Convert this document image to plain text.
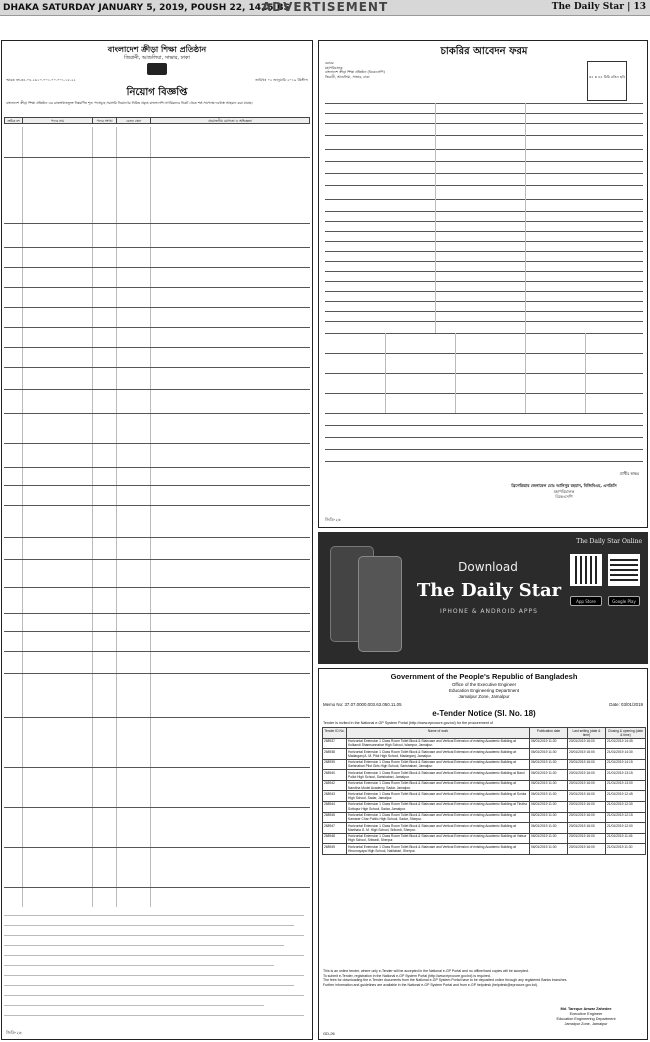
DHAKA SATURDAY JANUARY 5, 2019, POUSH 22, 1425 BS
ADVERTISEMENT	The Daily Star | 13
বাংলাদেশ ক্রীড়া শিক্ষা প্রতিষ্ঠান
জিরানী, আশুলিয়া, সাভার, ঢাকা
স্মারক নং-৩৪.০৪.২৬১০.০০১.০০.০০১.১৮-২২	তারিখঃ ০২ জানুয়ারি ২০১৯ খ্রিস্টাব্দ
নিয়োগ বিজ্ঞপ্তি
বাংলাদেশ ক্রীড়া শিক্ষা প্রতিষ্ঠান এর রাজস্বখাতভুক্ত নিম্নবর্ণিত শূন্য পদসমূহে সরাসরি নিয়োগের নিমিত্ত প্রকৃত বাংলাদেশি নাগরিকদের নিকট থেকে শর্ত সাপেক্ষে দরখাস্ত আহবান করা যাচ্ছে।
ক্রমিক নং	পদের নাম	পদের সংখ্যা	বেতন স্কেল	প্রয়োজনীয় যোগ্যতা ও অভিজ্ঞতা
জিডি-২৬
চাকরির আবেদন ফরম
বরাবর
মহাপরিচালক
বাংলাদেশ ক্রীড়া শিক্ষা প্রতিষ্ঠান (বিকেএসপি)
জিরানী, আশুলিয়া, সাভার, ঢাকা	৩৫ x ৪৫ মিমি রঙিন ছবি
প্রার্থীর স্বাক্ষর
ব্রিগেডিয়ার জেনারেল মোঃ আনিসুর রহমান, বিজিবিএম, এনডিসি
মহাপরিচালক
বিকেএসপি
জিডি-২৬
Download
The Daily Star
IPHONE & ANDROID APPS
The Daily Star Online
App Store	Google Play
Government of the People's Republic of Bangladesh
Office of the Executive Engineer
Education Engineering Department
Jamalpur Zone, Jamalpur
Memo No: 37.07.0000.003.63.050.11.05	Date: 03/01/2019
e-Tender Notice (Sl. No. 18)
Tender is invited in the National e-GP System Portal (http://www.eprocure.gov.bd) for the procurement of
Tender ID No.	Name of work	Publication date	Last selling (date & time)	Closing & opening (date & time)
268937	Horizontal Extension 1 Class Room Toilet Block & Staircase and Vertical Extension of existing Academic Building at Kulkandi Shamsunnahar High School, Islampur, Jamalpur.	06/01/2019 11:30	20/01/2019 16:00	21/01/2019 14:45
268938	Horizontal Extension 1 Class Room Toilet Block & Staircase and Vertical Extension of existing Academic Building at Madarganj A. M. Pilot High School, Madarganj, Jamalpur.	06/01/2019 11:30	20/01/2019 16:00	21/01/2019 14:30
268939	Horizontal Extension 1 Class Room Toilet Block & Staircase and Vertical Extension of existing Academic Building at Sarishabari Pilot Girls High School, Sarishabari, Jamalpur.	06/01/2019 11:30	20/01/2019 16:00	21/01/2019 14:15
268940	Horizontal Extension 1 Class Room Toilet Block & Staircase and Vertical Extension of existing Academic Building at Baroi Pollot High School, Sarishabari, Jamalpur.	06/01/2019 11:30	20/01/2019 16:00	21/01/2019 13:15
268942	Horizontal Extension 1 Class Room Toilet Block & Staircase and Vertical Extension of existing Academic Building at Nandina Model Academy, Sadar, Jamalpur.	06/01/2019 11:30	20/01/2019 16:00	21/01/2019 13:00
268943	Horizontal Extension 1 Class Room Toilet Block & Staircase and Vertical Extension of existing Academic Building at Sonka High School, Sadar, Jamalpur.	06/01/2019 11:30	20/01/2019 16:00	21/01/2019 12:45
268944	Horizontal Extension 1 Class Room Toilet Block & Staircase and Vertical Extension of existing Academic Building at Tirutha Sottopur High School, Sadar, Jamalpur.	06/01/2019 11:30	20/01/2019 16:00	21/01/2019 12:30
268945	Horizontal Extension 1 Class Room Toilet Block & Staircase and Vertical Extension of existing Academic Building at Kamarer Char Public High School, Sadar, Sherpur.	06/01/2019 11:30	20/01/2019 16:00	21/01/2019 12:15
268947	Horizontal Extension 1 Class Room Toilet Block & Staircase and Vertical Extension of existing Academic Building at Marthaia G. M. High School, Sribordi, Sherpur.	06/01/2019 11:30	20/01/2019 16:00	21/01/2019 12:00
268948	Horizontal Extension 1 Class Room Toilet Block & Staircase and Vertical Extension of existing Academic Building at Vabua High School, Sribordi, Sherpur.	06/01/2019 11:30	20/01/2019 16:00	21/01/2019 11:45
268949	Horizontal Extension 1 Class Room Toilet Block & Staircase and Vertical Extension of existing Academic Building at Hirunnoyapa High School, Nalitabari, Sherpur.	06/01/2019 11:30	20/01/2019 16:00	21/01/2019 11:30
This is an online tender, where only e-Tender will be accepted in the National e-GP Portal and no offline/hard copies will be accepted.
To submit e-Tender, registration in the National e-GP System Portal (http://www.eprocure.gov.bd) is required.
The fees for downloading the e-Tender documents from the National e-GP System Portal have to be deposited online through any registered Banks branches.
Further information and guidelines are available in the National e-GP System Portal and from e-GP helpdesk (helpdesk@eprocure.gov.bd).
Md. Tareque Anwar Zahedee
Executive Engineer
Education Engineering Department
Jamalpur Zone, Jamalpur
GD-26
